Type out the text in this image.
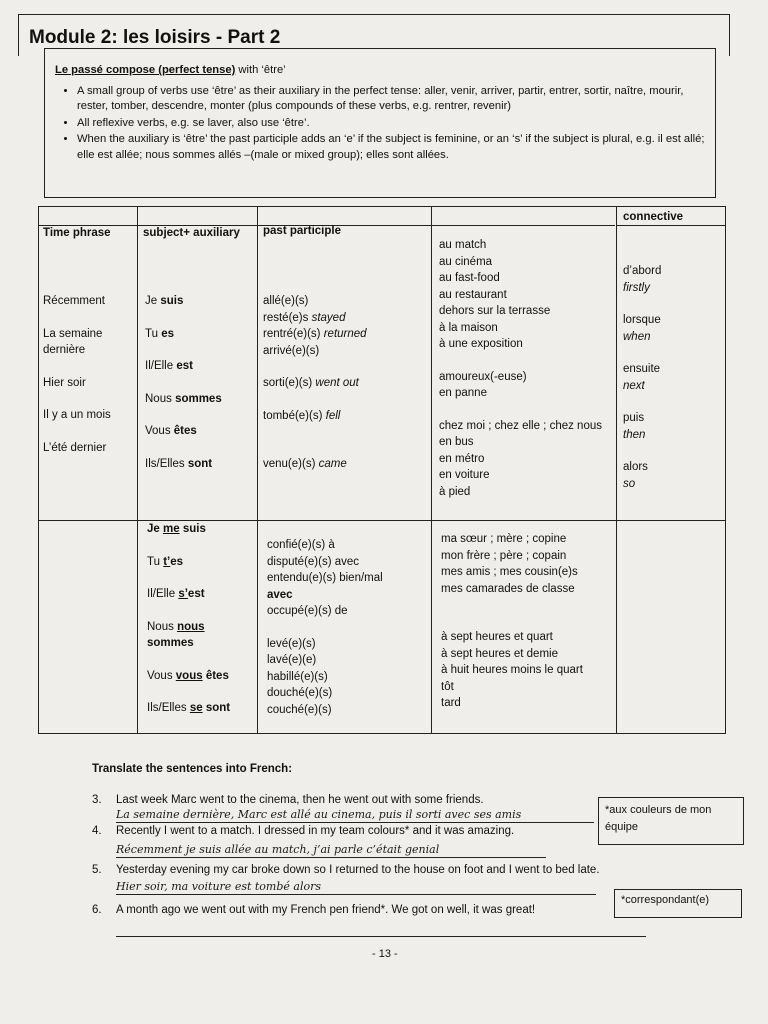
Module 2: les loisirs - Part 2
Le passé compose (perfect tense) with ‘être’
• A small group of verbs use ‘être’ as their auxiliary in the perfect tense: aller, venir, arriver, partir, entrer, sortir, naître, mourir, rester, tomber, descendre, monter (plus compounds of these verbs, e.g. rentrer, revenir)
• All reflexive verbs, e.g. se laver, also use ‘être’.
• When the auxiliary is ‘être’ the past participle adds an ‘e’ if the subject is feminine, or an ‘s’ if the subject is plural, e.g. il est allé; elle est allée; nous sommes allés –(male or mixed group); elles sont allées.
Time phrase	subject+ auxiliary past participle
connective
Récemment
La semaine dernière
Hier soir
Il y a un mois
L’été dernier
Je suis
Tu es
Il/Elle est
Nous sommes
Vous êtes
Ils/Elles sont
allé(e)(s)
resté(e)s stayed
rentré(e)(s) returned
arrivé(e)(s)
sorti(e)(s) went out
tombé(e)(s) fell
venu(e)(s) came
au match
au cinéma
au fast-food
au restaurant
dehors sur la terrasse
à la maison
à une exposition
amoureux(-euse)
en panne
chez moi ; chez elle ; chez nous
en bus
en métro
en voiture
à pied
d’abord
firstly
lorsque
when
ensuite
next
puis
then
alors
so
Je me suis
Tu t’es
Il/Elle s’est
Nous nous
sommes
Vous vous êtes
Ils/Elles se sont
confié(e)(s) à
disputé(e)(s) avec
entendu(e)(s) bien/mal
avec
occupé(e)(s) de
levé(e)(s)
lavé(e)(e)
habillé(e)(s)
douché(e)(s)
couché(e)(s)
ma sœur ; mère ; copine
mon frère ; père ; copain
mes amis ; mes cousin(e)s
mes camarades de classe
à sept heures et quart
à sept heures et demie
à huit heures moins le quart
tôt
tard
Translate the sentences into French:
3. Last week Marc went to the cinema, then he went out with some friends.
La semaine dernière, Marc est allé au cinema, puis il sorti avec ses amis
4. Recently I went to a match. I dressed in my team colours* and it was amazing.
Récemment je suis allée au match, j’ai parle c’était genial
5. Yesterday evening my car broke down so I returned to the house on foot and I went to bed late.
Hier soir, ma voiture est tombé alors
6. A month ago we went out with my French pen friend*. We got on well, it was great!
*aux couleurs de mon équipe
*correspondant(e)
- 13 -
